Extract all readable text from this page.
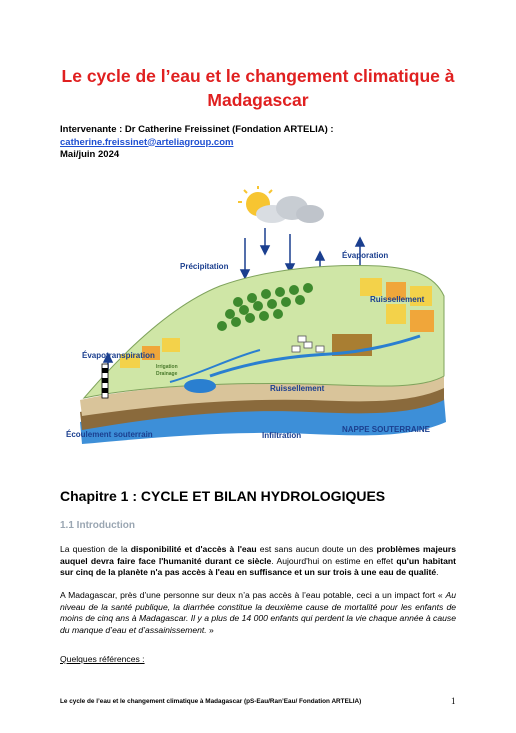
Le cycle de l’eau et le changement climatique à
Madagascar
Intervenante : Dr Catherine Freissinet (Fondation ARTELIA) :
catherine.freissinet@arteliagroup.com
Mai/juin 2024
Précipitation
Évaporation
Ruissellement
Évapotranspiration
Ruissellement
Écoulement souterrain	Infiltration
NAPPE SOUTERRAINE
Irrigation
Drainage
Chapitre 1 : CYCLE ET BILAN HYDROLOGIQUES
1.1 Introduction
La question de la disponibilité et d'accès à l'eau est sans aucun doute un des problèmes majeurs auquel devra faire face l'humanité durant ce siècle. Aujourd'hui on estime en effet qu'un habitant sur cinq de la planète n'a pas accès à l'eau en suffisance et un sur trois à une eau de qualité.
A Madagascar, près d’une personne sur deux n’a pas accès à l’eau potable, ceci a un impact fort « Au niveau de la santé publique, la diarrhée constitue la deuxième cause de mortalité pour les enfants de moins de cinq ans à Madagascar. Il y a plus de 14 000 enfants qui perdent la vie chaque année à cause du manque d’eau et d’assainissement. »
Quelques références :
Le cycle de l’eau et le changement climatique à Madagascar (pS-Eau/Ran’Eau/ Fondation ARTELIA)	1
